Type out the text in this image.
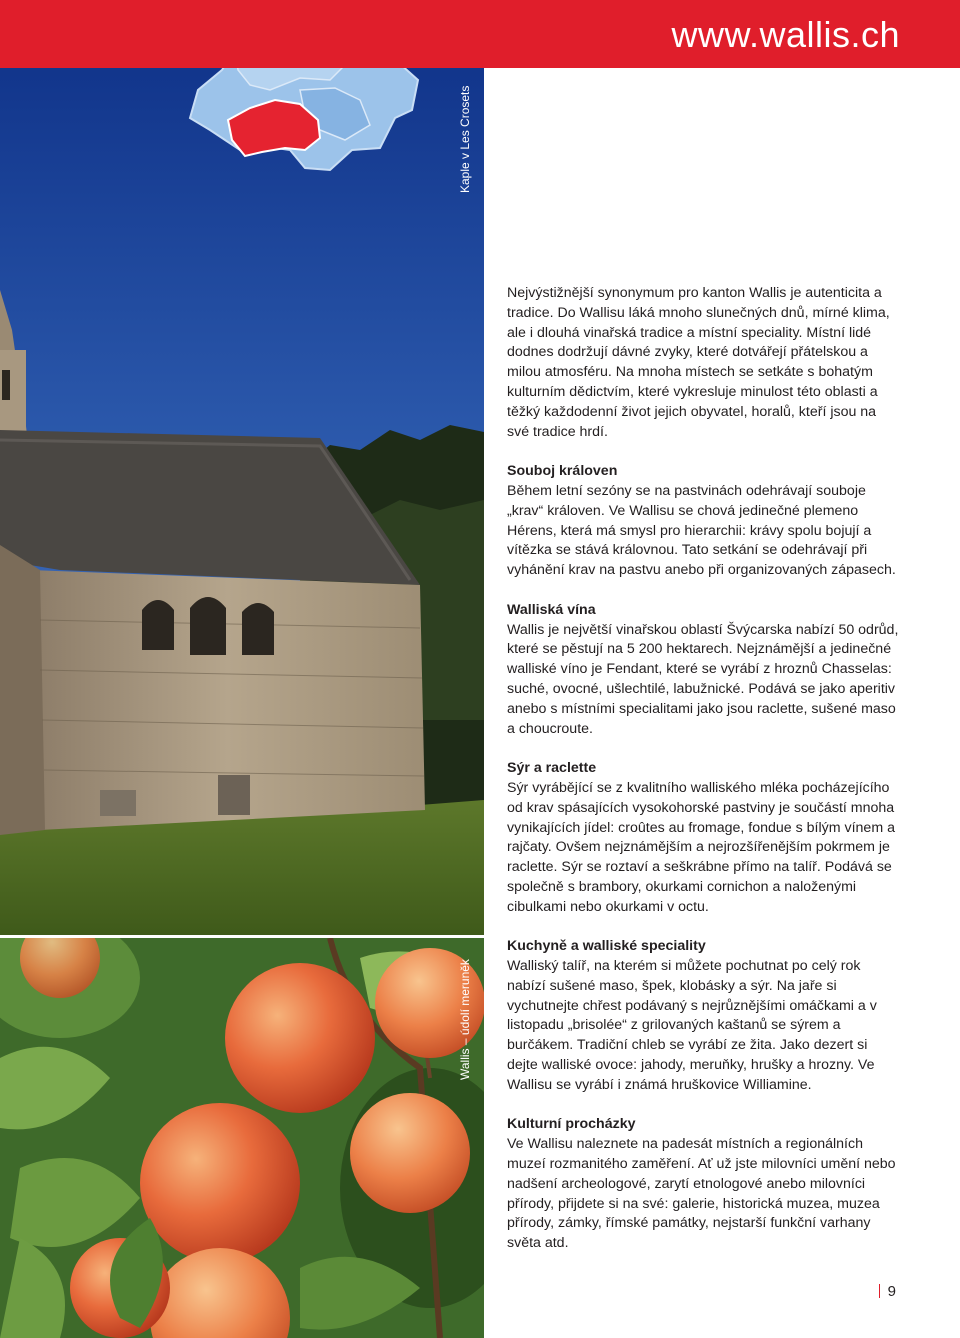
www.wallis.ch
Kaple v Les Crosets
Wallis – údolí meruněk

Nejvýstižnější synonymum pro kanton Wallis je autenticita a tradice. Do Wallisu láká mnoho slunečných dnů, mírné klima, ale i dlouhá vinařská tradice a místní speciality. Místní lidé dodnes dodržují dávné zvyky, které dotvářejí přátelskou a milou atmosféru. Na mnoha místech se setkáte s bohatým kulturním dědictvím, které vykresluje minulost této oblasti a těžký každodenní život jejich obyvatel, horalů, kteří jsou na své tradice hrdí.

Souboj královen

Během letní sezóny se na pastvinách odehrávají souboje „krav“ královen. Ve Wallisu se chová jedinečné plemeno Hérens, která má smysl pro hierarchii: krávy spolu bojují a vítězka se stává královnou. Tato setkání se odehrávají při vyhánění krav na pastvu anebo při organizovaných zápasech.

Walliská vína

Wallis je největší vinařskou oblastí Švýcarska nabízí 50 odrůd, které se pěstují na 5 200 hektarech. Nejznámější a jedinečné walliské víno je Fendant, které se vyrábí z hroznů Chasselas: suché, ovocné, ušlechtilé, labužnické. Podává se jako aperitiv anebo s místními specialitami jako jsou raclette, sušené maso a choucroute.

Sýr a raclette

Sýr vyrábějící se z kvalitního walliského mléka pocházejícího od krav spásajících vysokohorské pastviny je součástí mnoha vynikajících jídel: croûtes au fromage, fondue s bílým vínem a rajčaty. Ovšem nejznámějším a nejrozšířenějším pokrmem je raclette. Sýr se roztaví a seškrábne přímo na talíř. Podává se společně s brambory, okurkami cornichon a naloženými cibulkami nebo okurkami v octu.

Kuchyně a walliské speciality

Walliský talíř, na kterém si můžete pochutnat po celý rok nabízí sušené maso, špek, klobásky a sýr. Na jaře si vychutnejte chřest podávaný s nejrůznějšími omáčkami a v listopadu „brisolée“ z grilovaných kaštanů se sýrem a burčákem. Tradiční chleb se vyrábí ze žita. Jako dezert si dejte walliské ovoce: jahody, meruňky, hrušky a hrozny. Ve Wallisu se vyrábí i známá hruškovice Williamine.

Kulturní procházky

Ve Wallisu naleznete na padesát místních a regionálních muzeí rozmanitého zaměření. Ať už jste milovníci umění nebo nadšení archeologové, zarytí etnologové anebo milovníci přírody, přijdete si na své: galerie, historická muzea, muzea přírody, zámky, římské památky, nejstarší funkční varhany světa atd.

9
